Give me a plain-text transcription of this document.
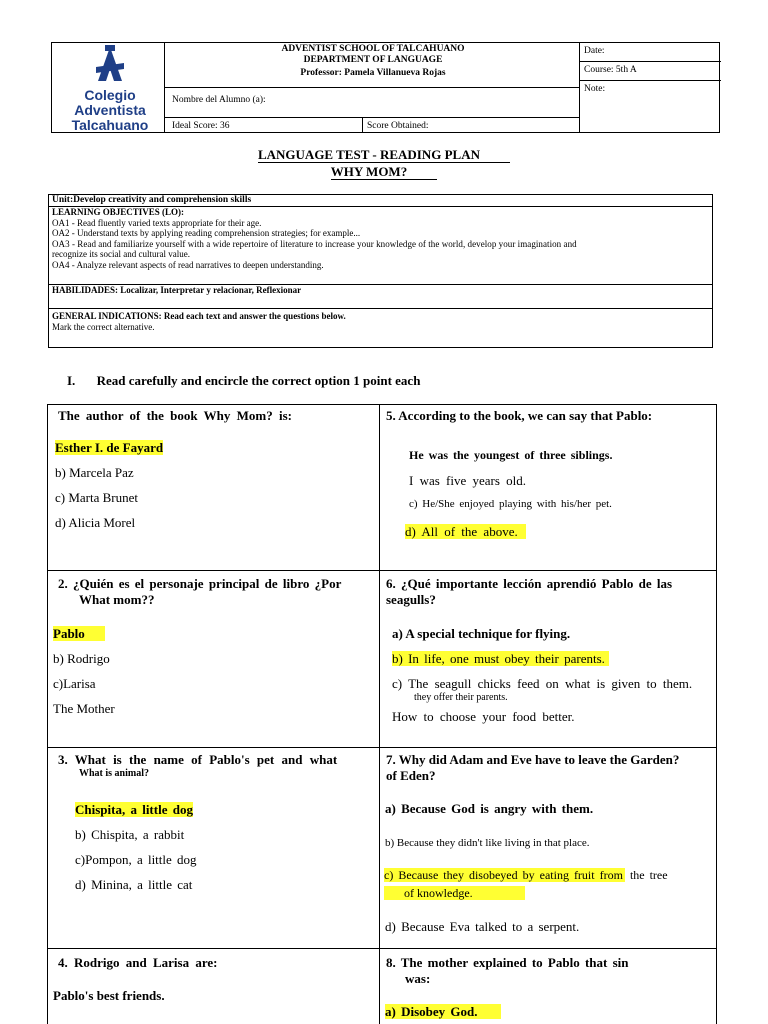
Colegio
Adventista
Talcahuano
ADVENTIST SCHOOL OF TALCAHUANO
DEPARTMENT OF LANGUAGE
Professor: Pamela Villanueva Rojas
Nombre del Alumno (a):
Ideal Score: 36	Score Obtained:
Date:
Course: 5th A
Note:
LANGUAGE TEST - READING PLAN
WHY MOM?
Unit:Develop creativity and comprehension skills

LEARNING OBJECTIVES (LO):

OA1 - Read fluently varied texts appropriate for their age.

OA2 - Understand texts by applying reading comprehension strategies; for example...

OA3 - Read and familiarize yourself with a wide repertoire of literature to increase your knowledge of the world, develop your imagination and

recognize its social and cultural value.

OA4 - Analyze relevant aspects of read narratives to deepen understanding.

HABILIDADES: Localizar, Interpretar y relacionar, Reflexionar

GENERAL INDICATIONS: Read each text and answer the questions below.

Mark the correct alternative.

I. Read carefully and encircle the correct option 1 point each
The author of the book Why Mom? is:
Esther I. de Fayard
b) Marcela Paz
c) Marta Brunet
d) Alicia Morel
5. According to the book, we can say that Pablo:
He was the youngest of three siblings.
I was five years old.
c) He/She enjoyed playing with his/her pet.
d) All of the above.
2. ¿Quién es el personaje principal de libro ¿Por
What mom??
Pablo
b) Rodrigo
c)Larisa
The Mother
6. ¿Qué importante lección aprendió Pablo de las
seagulls?
a) A special technique for flying.
b) In life, one must obey their parents.
c) The seagull chicks feed on what is given to them.
they offer their parents.
How to choose your food better.
3. What is the name of Pablo's pet and what
What is animal?
Chispita, a little dog
b) Chispita, a rabbit
c)Pompon, a little dog
d) Minina, a little cat
7. Why did Adam and Eve have to leave the Garden?
of Eden?
a) Because God is angry with them.
b) Because they didn't like living in that place.
c) Because they disobeyed by eating fruit from the tree
of knowledge.
d) Because Eva talked to a serpent.
4. Rodrigo and Larisa are:
Pablo's best friends.
8. The mother explained to Pablo that sin
was:
a) Disobey God.
